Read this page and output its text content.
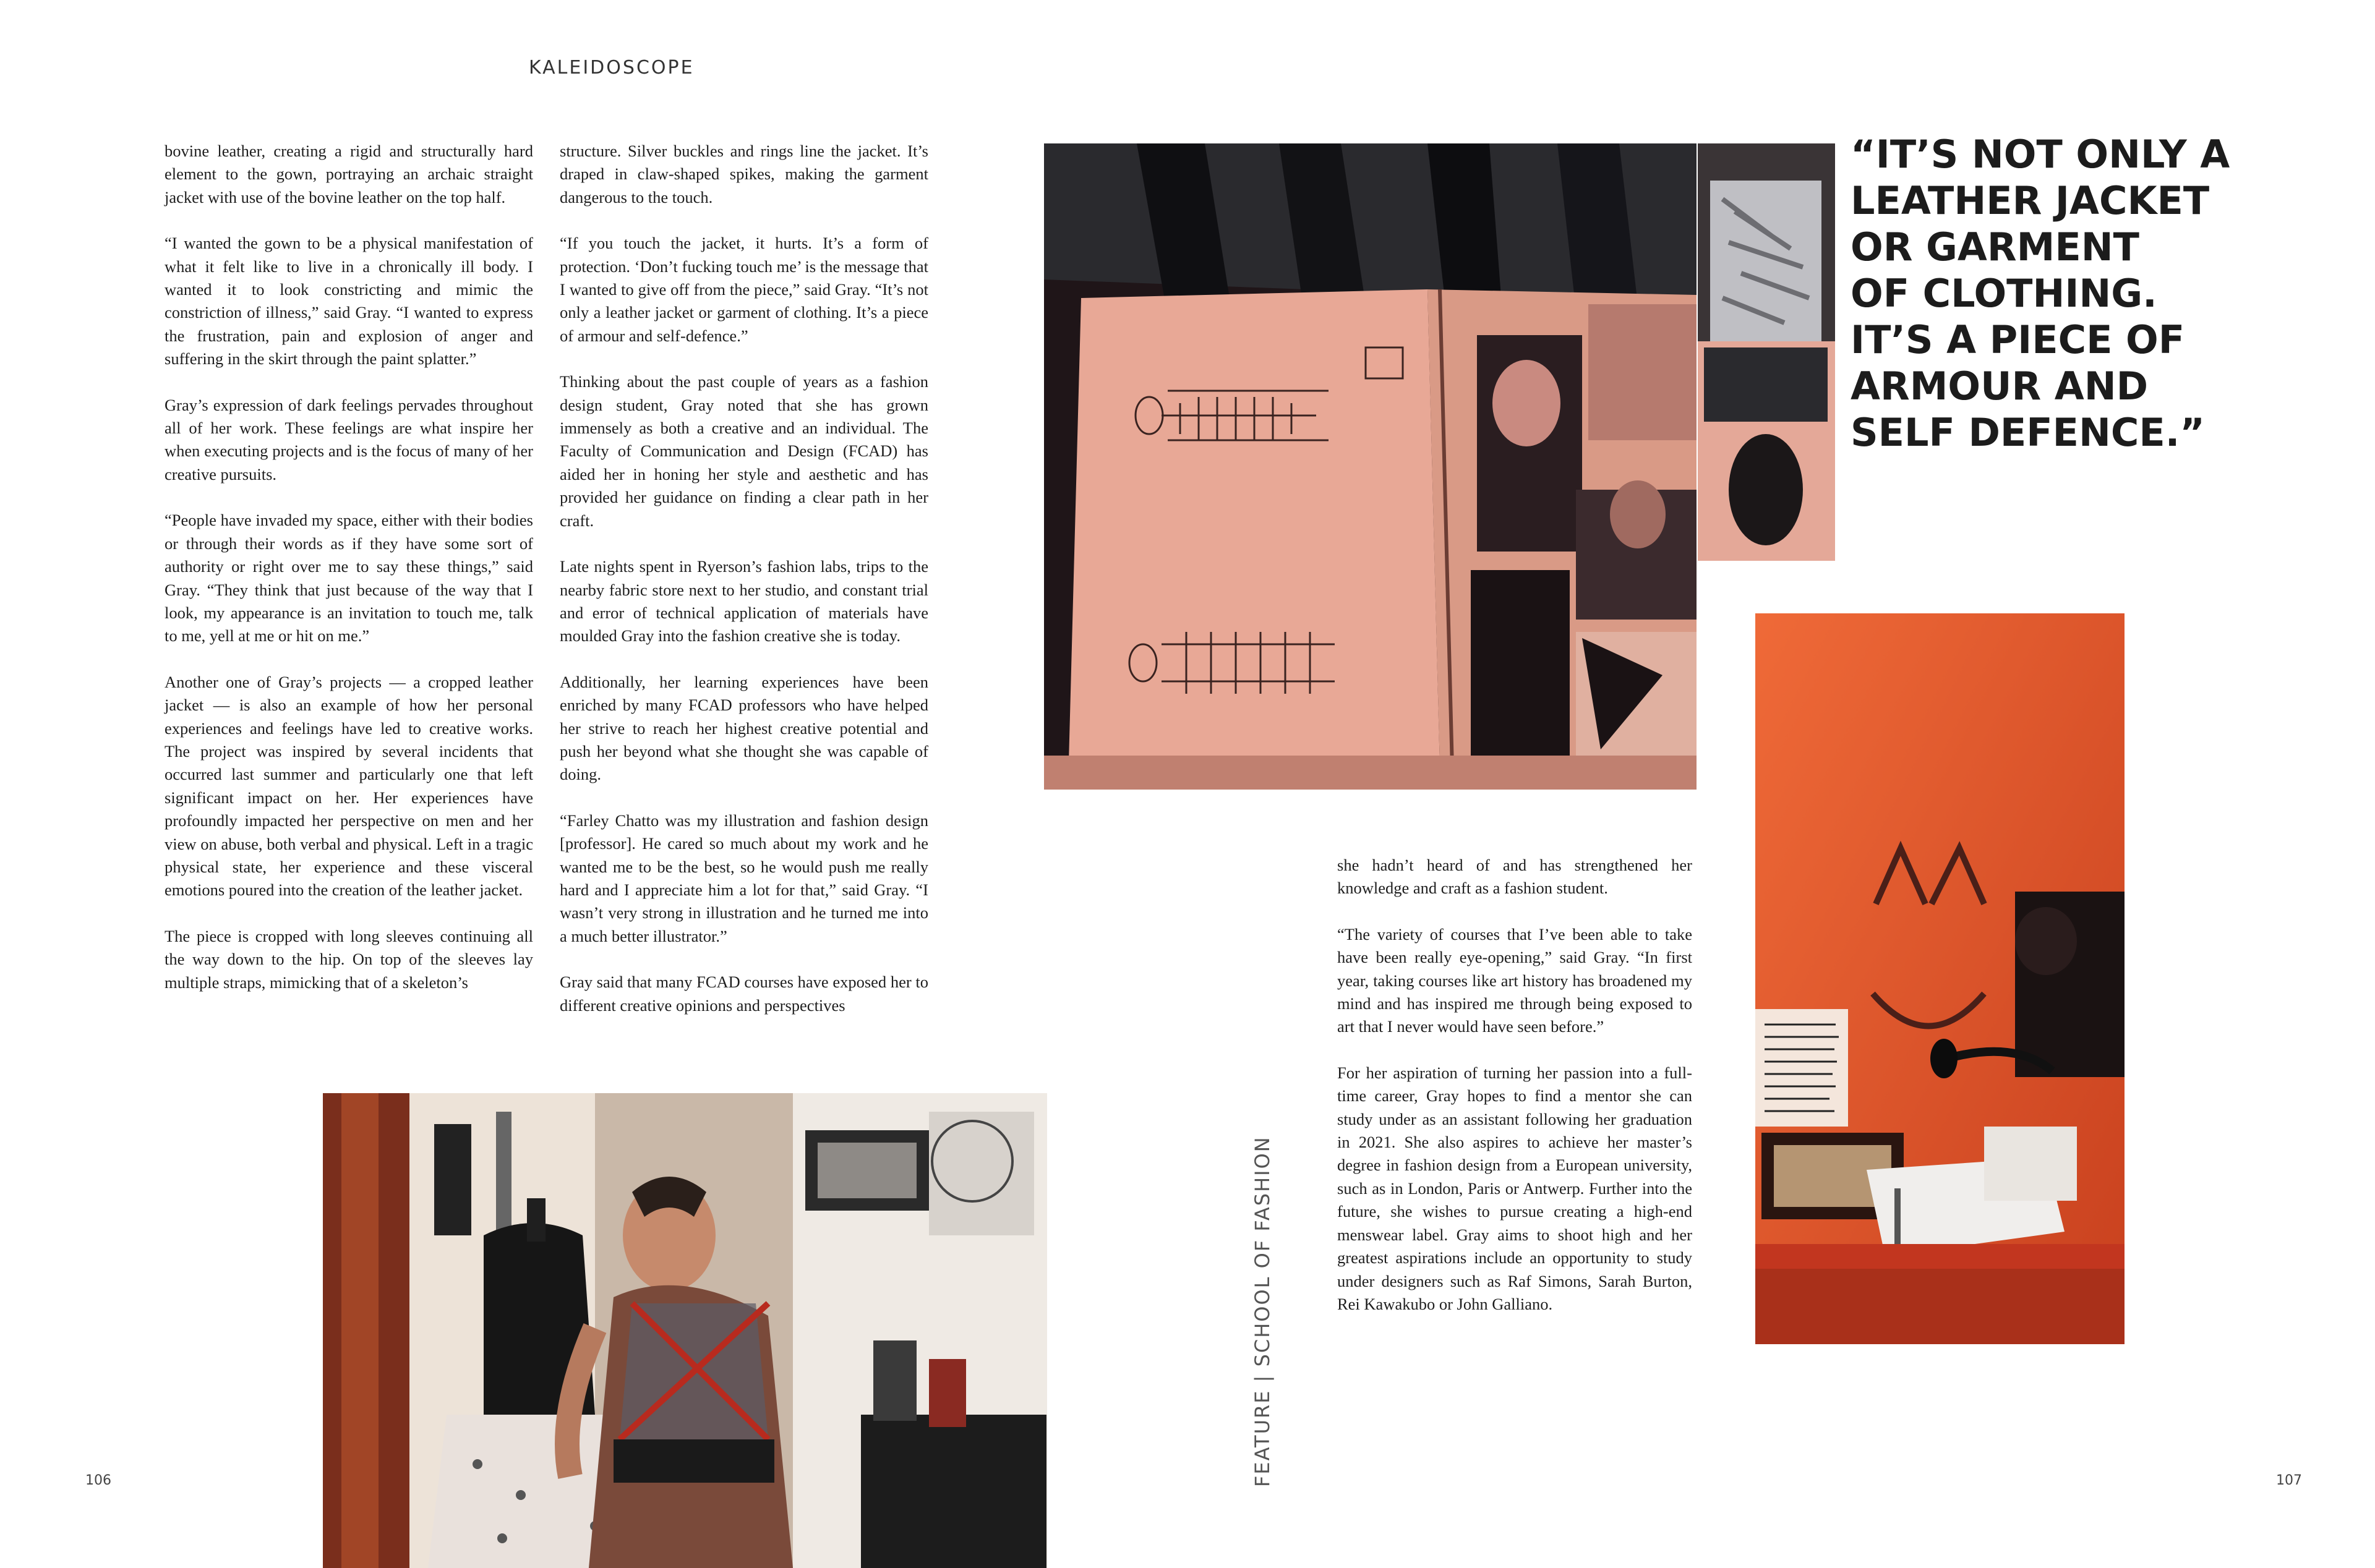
KALEIDOSCOPE

bovine leather, creating a rigid and structurally hard element to the gown, portraying an archaic straight jacket with use of the bovine leather on the top half.

“I wanted the gown to be a physical manifestation of what it felt like to live in a chronically ill body. I wanted it to look constricting and mimic the constriction of illness,” said Gray. “I wanted to express the frustration, pain and explosion of anger and suffering in the skirt through the paint splatter.”

Gray’s expression of dark feelings pervades throughout all of her work. These feelings are what inspire her when executing projects and is the focus of many of her creative pursuits.

“People have invaded my space, either with their bodies or through their words as if they have some sort of authority or right over me to say these things,” said Gray. “They think that just because of the way that I look, my appearance is an invitation to touch me, talk to me, yell at me or hit on me.”

Another one of Gray’s projects — a cropped leather jacket — is also an example of how her personal experiences and feelings have led to creative works. The project was inspired by several incidents that occurred last summer and particularly one that left significant impact on her. Her experiences have profoundly impacted her perspective on men and her view on abuse, both verbal and physical. Left in a tragic physical state, her experience and these visceral emotions poured into the creation of the leather jacket.

The piece is cropped with long sleeves continuing all the way down to the hip. On top of the sleeves lay multiple straps, mimicking that of a skeleton’s

structure. Silver buckles and rings line the jacket. It’s draped in claw-shaped spikes, making the garment dangerous to the touch.

“If you touch the jacket, it hurts. It’s a form of protection. ‘Don’t fucking touch me’ is the message that I wanted to give off from the piece,” said Gray. “It’s not only a leather jacket or garment of clothing. It’s a piece of armour and self-defence.”

Thinking about the past couple of years as a fashion design student, Gray noted that she has grown immensely as both a creative and an individual. The Faculty of Communication and Design (FCAD) has aided her in honing her style and aesthetic and has provided her guidance on finding a clear path in her craft.

Late nights spent in Ryerson’s fashion labs, trips to the nearby fabric store next to her studio, and constant trial and error of technical application of materials have moulded Gray into the fashion creative she is today.

Additionally, her learning experiences have been enriched by many FCAD professors who have helped her strive to reach her highest creative potential and push her beyond what she thought she was capable of doing.

“Farley Chatto was my illustration and fashion design [professor]. He cared so much about my work and he wanted me to be the best, so he would push me really hard and I appreciate him a lot for that,” said Gray. “I wasn’t very strong in illustration and he turned me into a much better illustrator.”

Gray said that many FCAD courses have exposed her to different creative opinions and perspectives

she hadn’t heard of and has strengthened her knowledge and craft as a fashion student.

“The variety of courses that I’ve been able to take have been really eye-opening,” said Gray. “In first year, taking courses like art history has broadened my mind and has inspired me through being exposed to art that I never would have seen before.”

For her aspiration of turning her passion into a full-time career, Gray hopes to find a mentor she can study under as an assistant following her graduation in 2021. She also aspires to achieve her master’s degree in fashion design from a European university, such as in London, Paris or Antwerp. Further into the future, she wishes to pursue creating a high-end menswear label. Gray aims to shoot high and her greatest aspirations include an opportunity to study under designers such as Raf Simons, Sarah Burton, Rei Kawakubo or John Galliano.

“IT’S NOT ONLY A
LEATHER JACKET
OR GARMENT
OF CLOTHING.
IT’S A PIECE OF
ARMOUR AND
SELF DEFENCE.”
FEATURE | SCHOOL OF FASHION
106	107
